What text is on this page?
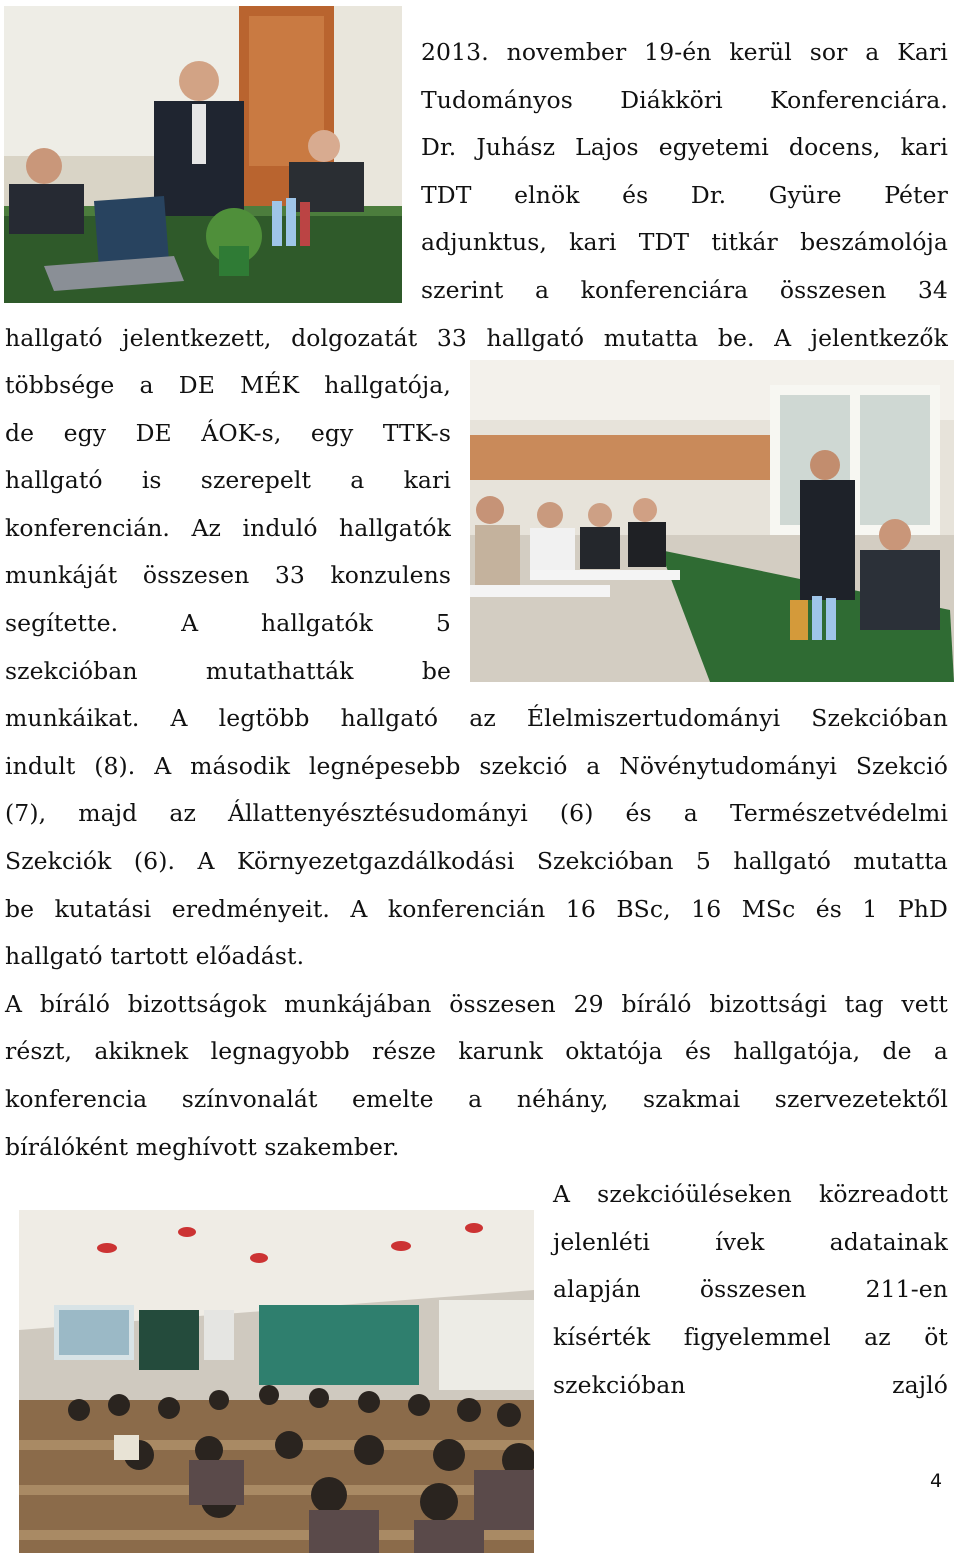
2013. november 19-én kerül sor a Kari
Tudományos Diákköri Konferenciára.
Dr. Juhász Lajos egyetemi docens, kari
TDT elnök és Dr. Gyüre Péter
adjunktus, kari TDT titkár beszámolója
szerint a konferenciára összesen 34
hallgató jelentkezett, dolgozatát 33 hallgató mutatta be. A jelentkezők
többsége a DE MÉK hallgatója,
de egy DE ÁOK-s, egy TTK-s
hallgató is szerepelt a kari
konferencián. Az induló hallgatók
munkáját összesen 33 konzulens
segítette.	A	hallgatók	5
szekcióban	mutathatták	be
munkáikat. A legtöbb hallgató az Élelmiszertudományi Szekcióban
indult (8). A második legnépesebb szekció a Növénytudományi Szekció
(7), majd az Állattenyésztésudományi (6) és a Természetvédelmi
Szekciók (6). A Környezetgazdálkodási Szekcióban 5 hallgató mutatta
be kutatási eredményeit. A konferencián 16 BSc, 16 MSc és 1 PhD
hallgató tartott előadást.
A bíráló bizottságok munkájában összesen 29 bíráló bizottsági tag vett
részt, akiknek legnagyobb része karunk oktatója és hallgatója, de a
konferencia színvonalát emelte a néhány, szakmai szervezetektől
bírálóként meghívott szakember.
A szekcióüléseken közreadott
jelenléti	ívek	adatainak
alapján	összesen	211-en
kísérték figyelemmel az öt
szekcióban	zajló
4
